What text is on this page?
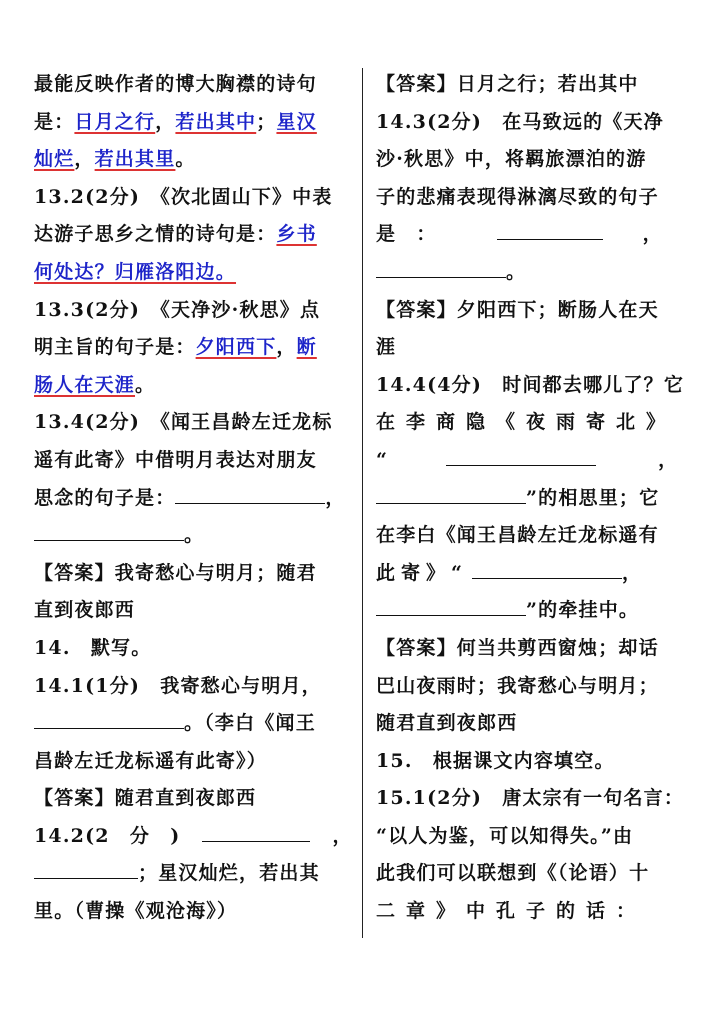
最能反映作者的博大胸襟的诗句
是：日月之行，若出其中；星汉
灿烂，若出其里。
13.2(2分)　《次北固山下》中表
达游子思乡之情的诗句是：乡书
何处达？归雁洛阳边。
13.3(2分)　《天净沙·秋思》点
明主旨的句子是：夕阳西下，断
肠人在天涯。
13.4(2分)　《闻王昌龄左迁龙标
遥有此寄》中借明月表达对朋友
思念的句子是：	，
。
【答案】我寄愁心与明月；随君
直到夜郎西
14.　默写。
14.1(1分)　我寄愁心与明月，
。（李白《闻王
昌龄左迁龙标遥有此寄》）
【答案】随君直到夜郎西
14.2(2　分　)	，
；星汉灿烂，若出其
里。（曹操《观沧海》）
【答案】日月之行；若出其中
14.3(2分)　在马致远的《天净
沙·秋思》中，将羁旅漂泊的游
子的悲痛表现得淋漓尽致的句子
是　：	，
。
【答案】夕阳西下；断肠人在天
涯
14.4(4分)　时间都去哪儿了？它
在李商隐《夜雨寄北》
“	，
”的相思里；它
在李白《闻王昌龄左迁龙标遥有
此寄》“	，
”的牵挂中。
【答案】何当共剪西窗烛；却话
巴山夜雨时；我寄愁心与明月；
随君直到夜郎西
15.　根据课文内容填空。
15.1(2分)　唐太宗有一句名言：
“以人为鉴，可以知得失。”由
此我们可以联想到《（论语）十
二章》中孔子的话：
